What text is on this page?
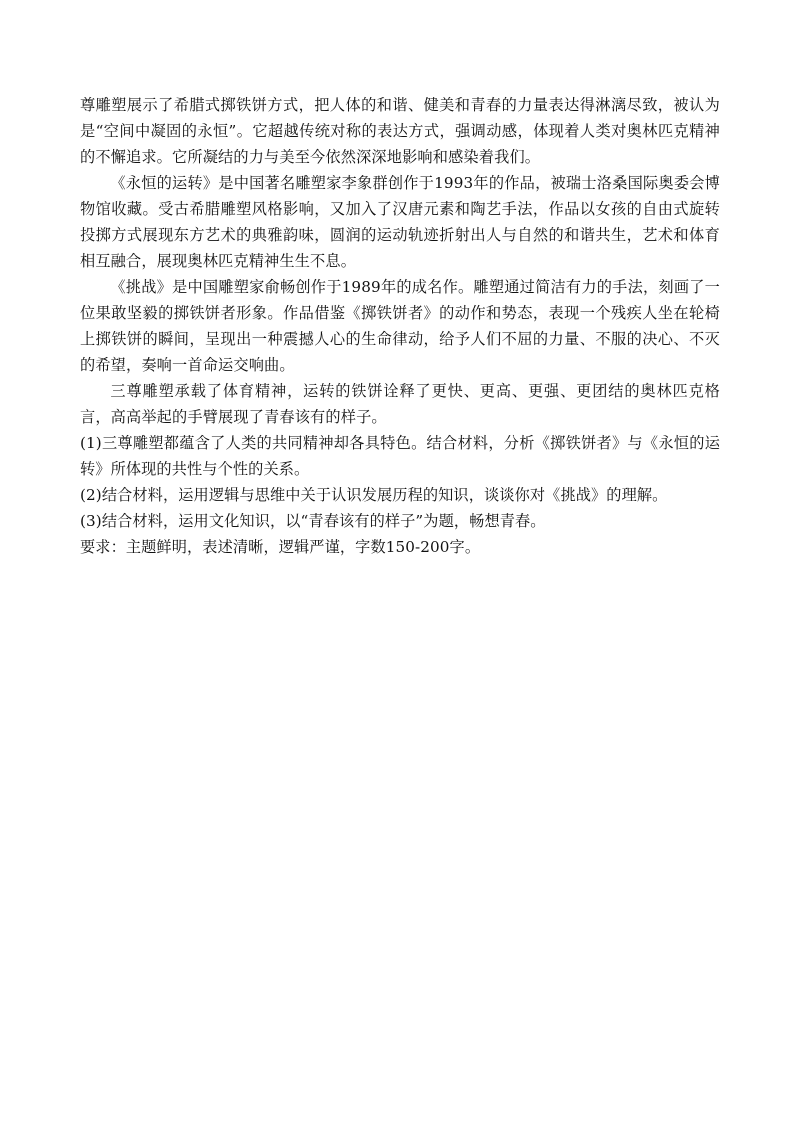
尊雕塑展示了希腊式掷铁饼方式，把人体的和谐、健美和青春的力量表达得淋漓尽致，被认为是“空间中凝固的永恒”。它超越传统对称的表达方式，强调动感，体现着人类对奥林匹克精神的不懈追求。它所凝结的力与美至今依然深深地影响和感染着我们。

《永恒的运转》是中国著名雕塑家李象群创作于1993年的作品，被瑞士洛桑国际奥委会博物馆收藏。受古希腊雕塑风格影响，又加入了汉唐元素和陶艺手法，作品以女孩的自由式旋转投掷方式展现东方艺术的典雅韵味，圆润的运动轨迹折射出人与自然的和谐共生，艺术和体育相互融合，展现奥林匹克精神生生不息。

《挑战》是中国雕塑家俞畅创作于1989年的成名作。雕塑通过简洁有力的手法，刻画了一位果敢坚毅的掷铁饼者形象。作品借鉴《掷铁饼者》的动作和势态，表现一个残疾人坐在轮椅上掷铁饼的瞬间，呈现出一种震撼人心的生命律动，给予人们不屈的力量、不服的决心、不灭的希望，奏响一首命运交响曲。

三尊雕塑承载了体育精神，运转的铁饼诠释了更快、更高、更强、更团结的奥林匹克格言，高高举起的手臂展现了青春该有的样子。

(1)三尊雕塑都蕴含了人类的共同精神却各具特色。结合材料，分析《掷铁饼者》与《永恒的运转》所体现的共性与个性的关系。

(2)结合材料，运用逻辑与思维中关于认识发展历程的知识，谈谈你对《挑战》的理解。

(3)结合材料，运用文化知识，以“青春该有的样子”为题，畅想青春。

要求：主题鲜明，表述清晰，逻辑严谨，字数150-200字。
